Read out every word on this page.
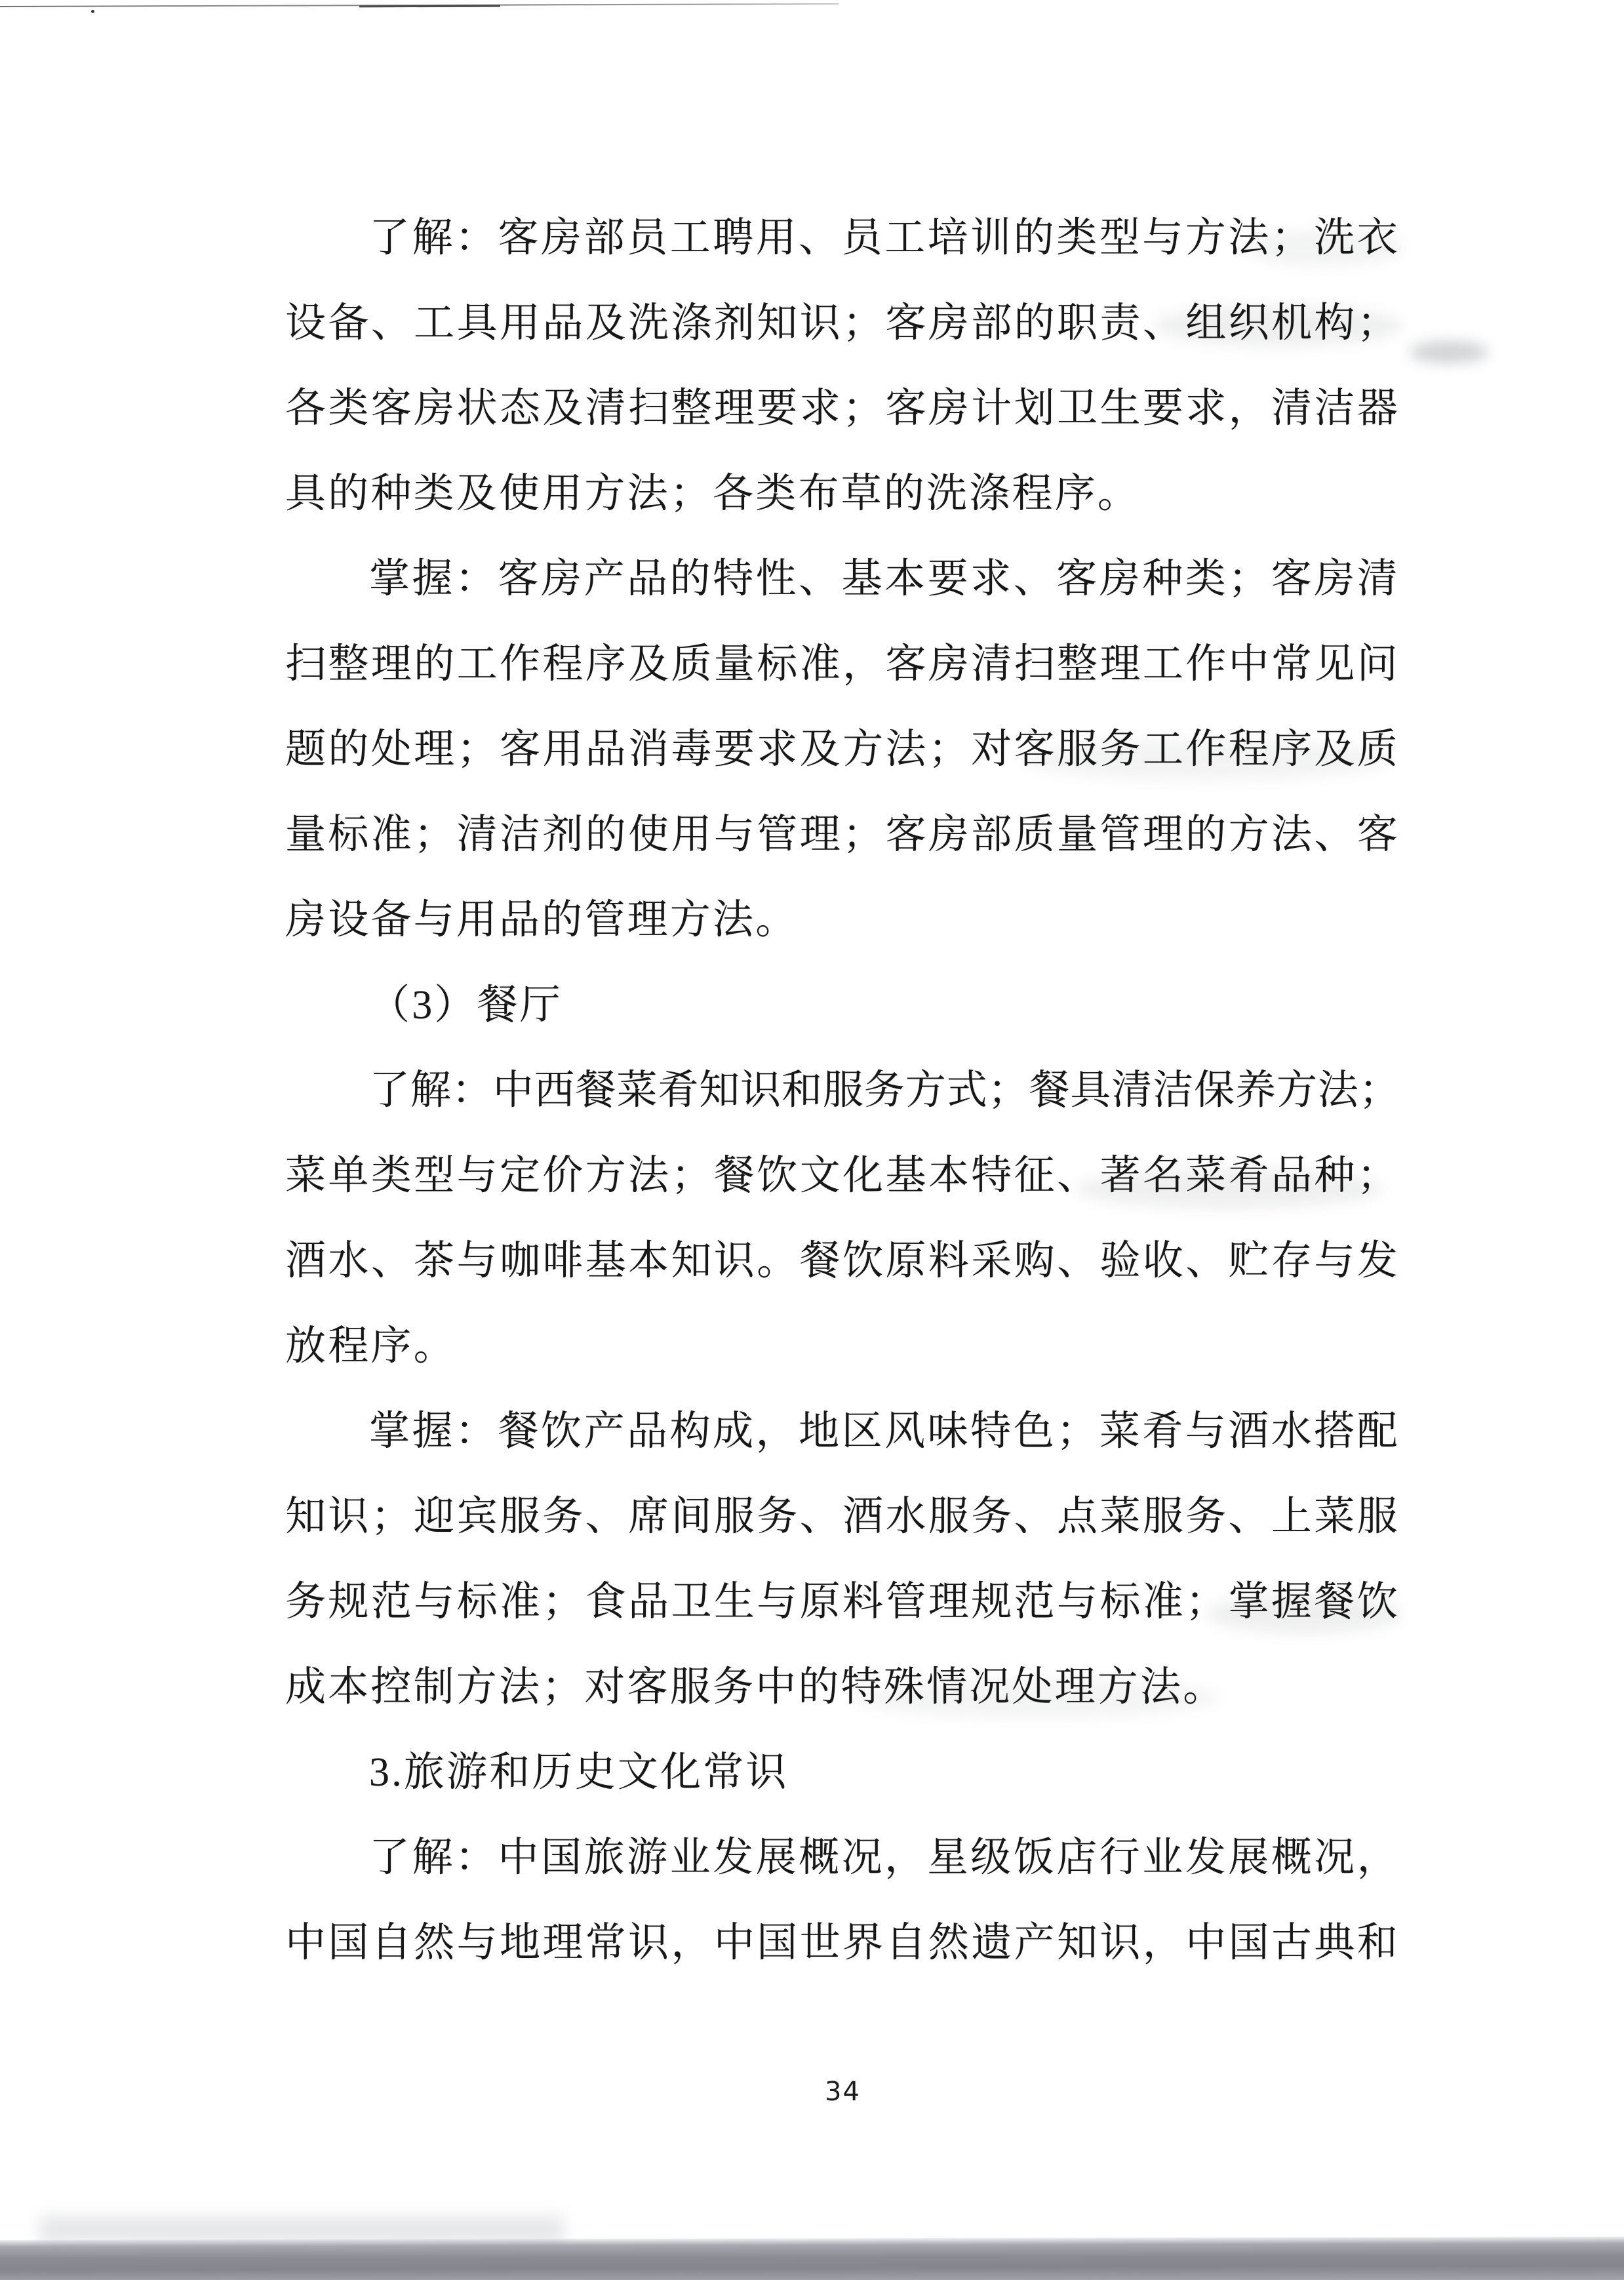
了解：客房部员工聘用、员工培训的类型与方法；洗衣
设备、工具用品及洗涤剂知识；客房部的职责、组织机构；
各类客房状态及清扫整理要求；客房计划卫生要求，清洁器
具的种类及使用方法；各类布草的洗涤程序。
掌握：客房产品的特性、基本要求、客房种类；客房清
扫整理的工作程序及质量标准，客房清扫整理工作中常见问
题的处理；客用品消毒要求及方法；对客服务工作程序及质
量标准；清洁剂的使用与管理；客房部质量管理的方法、客
房设备与用品的管理方法。
（3）餐厅
了解：中西餐菜肴知识和服务方式；餐具清洁保养方法；
菜单类型与定价方法；餐饮文化基本特征、著名菜肴品种；
酒水、茶与咖啡基本知识。餐饮原料采购、验收、贮存与发
放程序。
掌握：餐饮产品构成，地区风味特色；菜肴与酒水搭配
知识；迎宾服务、席间服务、酒水服务、点菜服务、上菜服
务规范与标准；食品卫生与原料管理规范与标准；掌握餐饮
成本控制方法；对客服务中的特殊情况处理方法。
3.旅游和历史文化常识
了解：中国旅游业发展概况，星级饭店行业发展概况，
中国自然与地理常识，中国世界自然遗产知识，中国古典和
34
